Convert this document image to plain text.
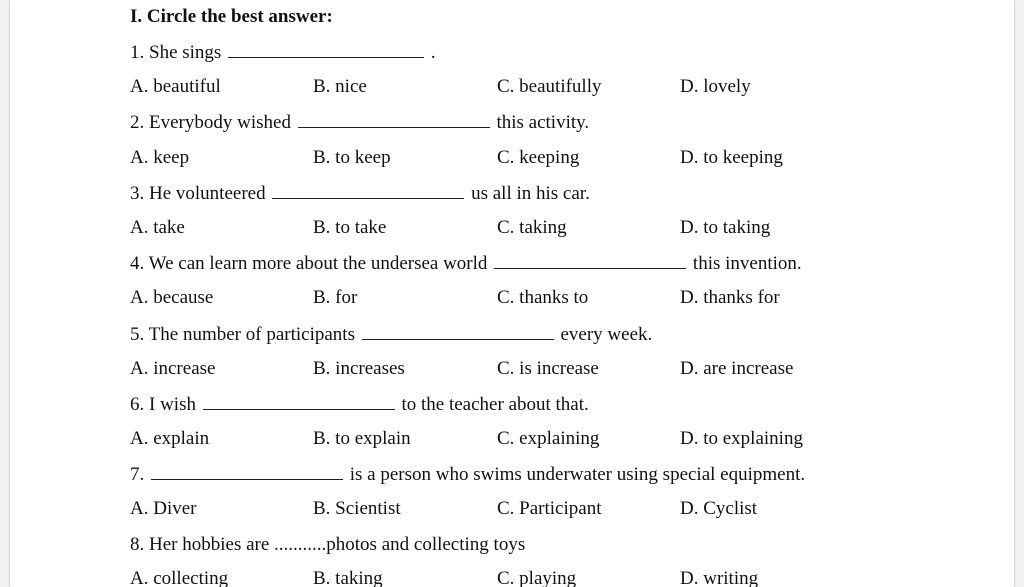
I. Circle the best answer:
1. She sings	.
A. beautiful	B. nice	C. beautifully	D. lovely
2. Everybody wished	this activity.
A. keep	B. to keep	C. keeping	D. to keeping
3. He volunteered	us all in his car.
A. take	B. to take	C. taking	D. to taking
4. We can learn more about the undersea world	this invention.
A. because	B. for	C. thanks to	D. thanks for
5. The number of participants	every week.
A. increase	B. increases	C. is increase	D. are increase
6. I wish	to the teacher about that.
A. explain	B. to explain	C. explaining	D. to explaining
7.	is a person who swims underwater using special equipment.
A. Diver	B. Scientist	C. Participant	D. Cyclist
8. Her hobbies are ...........photos and collecting toys
A. collecting	B. taking	C. playing	D. writing
